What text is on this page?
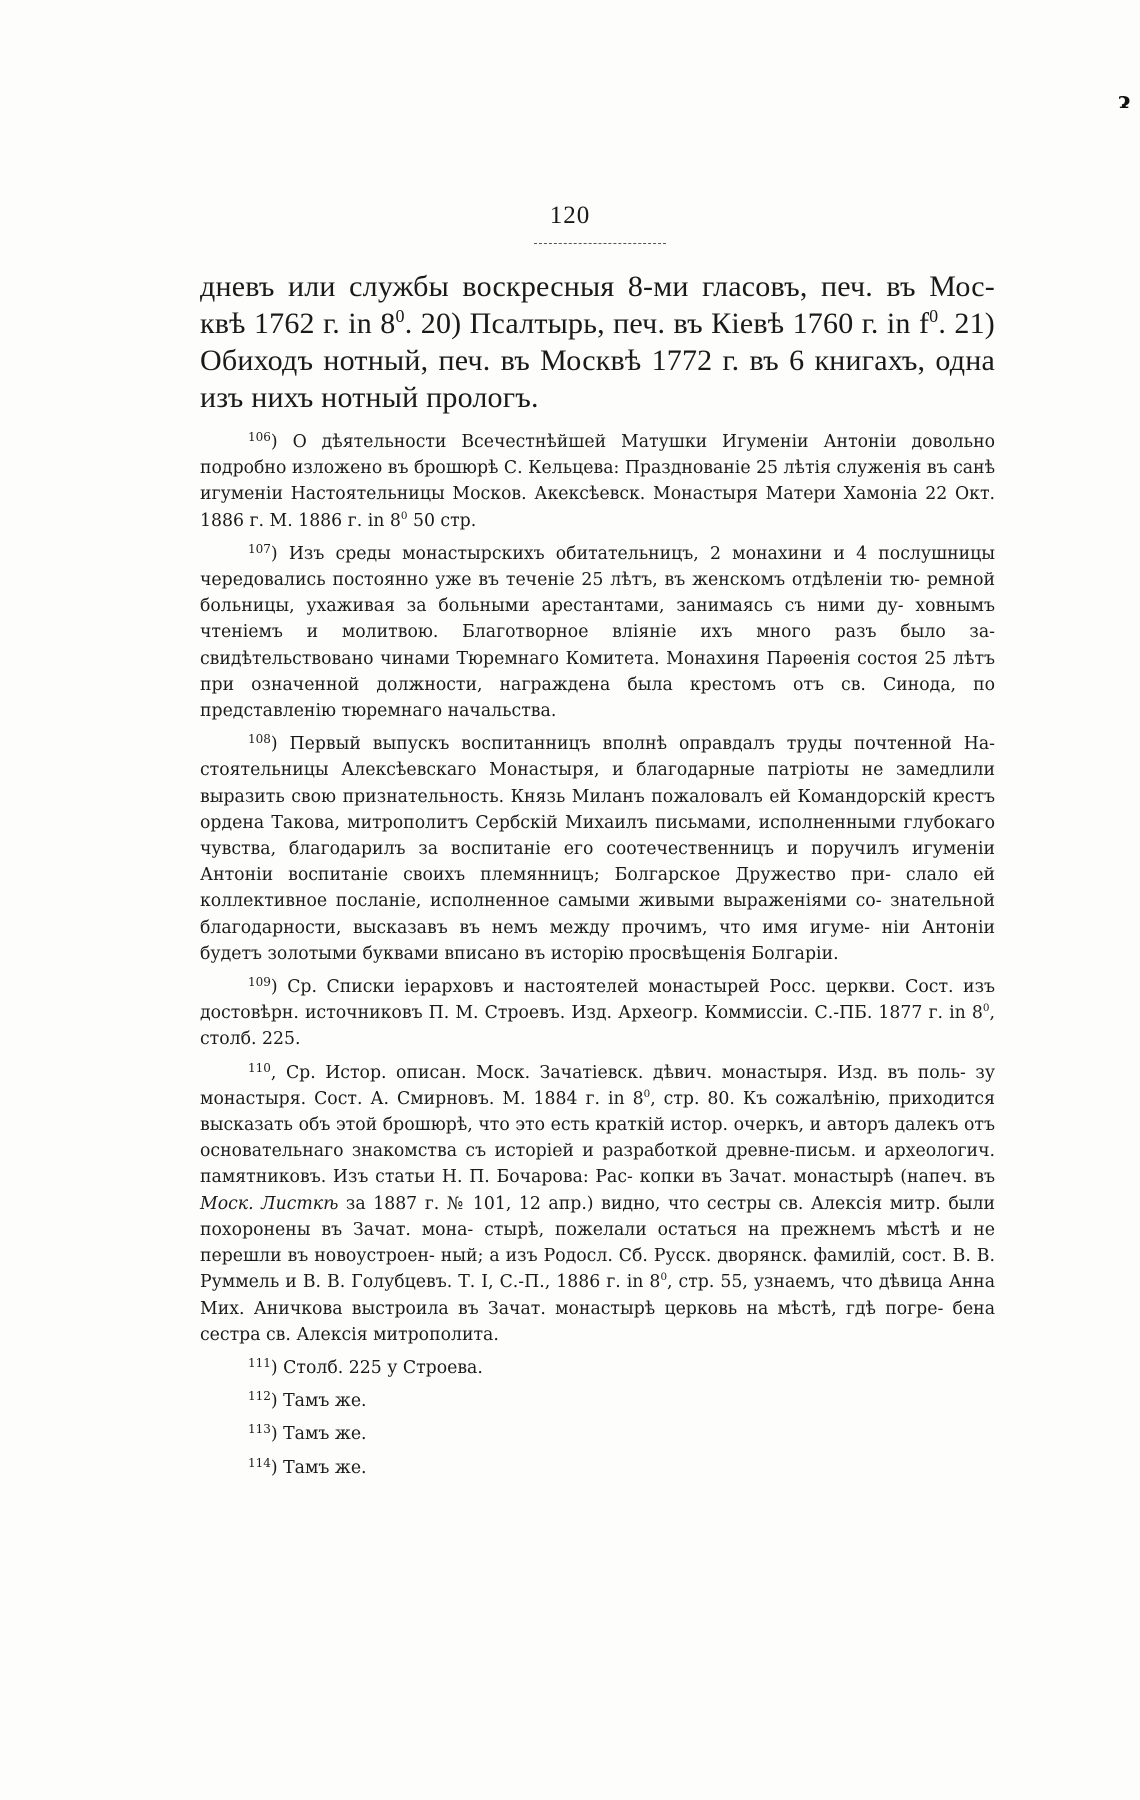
ɂ
120

дневъ или службы воскресныя 8-ми гласовъ, печ. въ Мос- квѣ 1762 г. in $8^0$. 20) Псалтырь, печ. въ Кіевѣ 1760 г. in $f^0$. 21) Обиходъ нотный, печ. въ Москвѣ 1772 г. въ 6 книгахъ, одна изъ нихъ нотный прологъ.

$^{106}$) О дѣятельности Всечестнѣйшей Матушки Игуменіи Антоніи довольно подробно изложено въ брошюрѣ С. Кельцева: Празднованіе 25 лѣтія служенія въ санѣ игуменіи Настоятельницы Москов. Акексѣевск. Монастыря Матери Хамоніа 22 Окт. 1886 г. М. 1886 г. in $8^0$ 50 стр.

$^{107}$) Изъ среды монастырскихъ обитательницъ, 2 монахини и 4 послушницы чередовались постоянно уже въ теченіе 25 лѣтъ, въ женскомъ отдѣленіи тю- ремной больницы, ухаживая за больными арестантами, занимаясь съ ними ду- ховнымъ чтеніемъ и молитвою. Благотворное вліяніе ихъ много разъ было за- свидѣтельствовано чинами Тюремнаго Комитета. Монахиня Парѳенія состоя 25 лѣтъ при означенной должности, награждена была крестомъ отъ св. Синода, по представленію тюремнаго начальства.

$^{108}$) Первый выпускъ воспитанницъ вполнѣ оправдалъ труды почтенной На- стоятельницы Алексѣевскаго Монастыря, и благодарные патріоты не замедлили выразить свою признательность. Князь Миланъ пожаловалъ ей Командорскій крестъ ордена Такова, митрополитъ Сербскій Михаилъ письмами, исполненными глубокаго чувства, благодарилъ за воспитаніе его соотечественницъ и поручилъ игуменіи Антоніи воспитаніе своихъ племянницъ; Болгарское Дружество при- слало ей коллективное посланіе, исполненное самыми живыми выраженіями со- знательной благодарности, высказавъ въ немъ между прочимъ, что имя игуме- ніи Антоніи будетъ золотыми буквами вписано въ исторію просвѣщенія Болгаріи.

$^{109}$) Ср. Списки іерарховъ и настоятелей монастырей Росс. церкви. Сост. изъ достовѣрн. источниковъ П. М. Строевъ. Изд. Археогр. Коммиссіи. С.-ПБ. 1877 г. in $8^0$, столб. 225.

$^{110}$, Ср. Истор. описан. Моск. Зачатіевск. дѣвич. монастыря. Изд. въ поль- зу монастыря. Сост. А. Смирновъ. М. 1884 г. in $8^0$, стр. 80. Къ сожалѣнію, приходится высказать объ этой брошюрѣ, что это есть краткій истор. очеркъ, и авторъ далекъ отъ основательнаго знакомства съ исторіей и разработкой древне-письм. и археологич. памятниковъ. Изъ статьи Н. П. Бочарова: Рас- копки въ Зачат. монастырѣ (напеч. въ Моск. Листкѣ за 1887 г. № 101, 12 апр.) видно, что сестры св. Алексія митр. были похоронены въ Зачат. мона- стырѣ, пожелали остаться на прежнемъ мѣстѣ и не перешли въ новоустроен- ный; а изъ Родосл. Сб. Русск. дворянск. фамилій, сост. В. В. Руммель и В. В. Голубцевъ. Т. I, С.-П., 1886 г. in $8^0$, стр. 55, узнаемъ, что дѣвица Анна Мих. Аничкова выстроила въ Зачат. монастырѣ церковь на мѣстѣ, гдѣ погре- бена сестра св. Алексія митрополита.

$^{111}$) Столб. 225 у Строева.

$^{112}$) Тамъ же.

$^{113}$) Тамъ же.

$^{114}$) Тамъ же.
